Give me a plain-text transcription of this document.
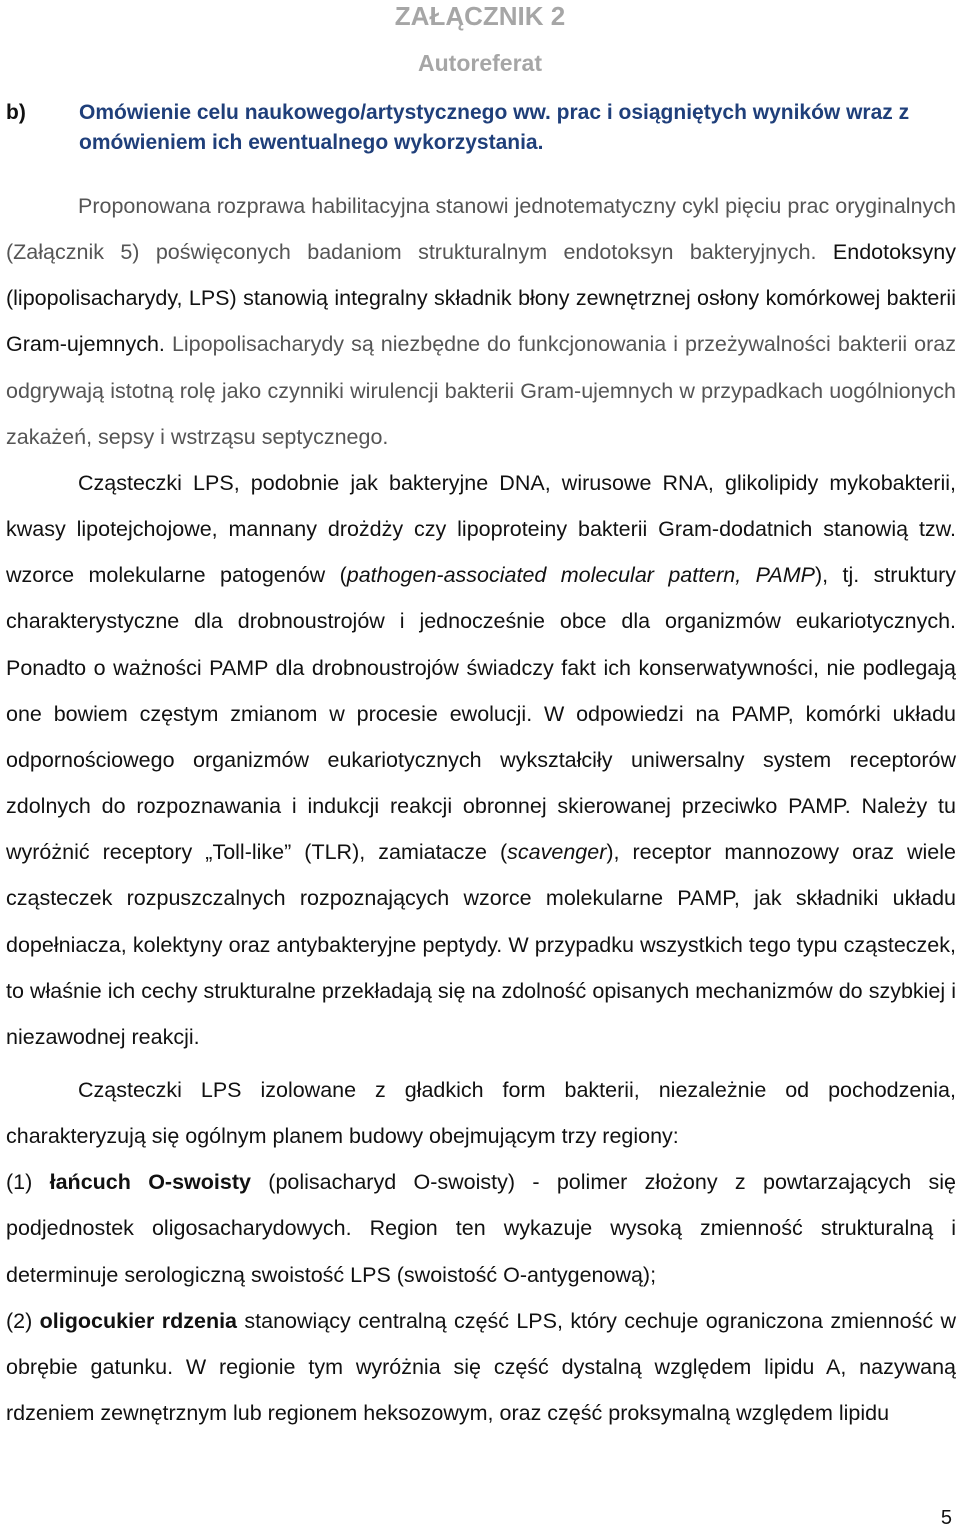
ZAŁĄCZNIK 2
Autoreferat
b)	Omówienie celu naukowego/artystycznego ww. prac i osiągniętych wyników wraz z omówieniem ich ewentualnego wykorzystania.

Proponowana rozprawa habilitacyjna stanowi jednotematyczny cykl pięciu prac oryginalnych (Załącznik 5) poświęconych badaniom strukturalnym endotoksyn bakteryjnych. Endotoksyny (lipopolisacharydy, LPS) stanowią integralny składnik błony zewnętrznej osłony komórkowej bakterii Gram-ujemnych. Lipopolisacharydy są niezbędne do funkcjonowania i przeżywalności bakterii oraz odgrywają istotną rolę jako czynniki wirulencji bakterii Gram-ujemnych w przypadkach uogólnionych zakażeń, sepsy i wstrząsu septycznego.

Cząsteczki LPS, podobnie jak bakteryjne DNA, wirusowe RNA, glikolipidy mykobakterii, kwasy lipotejchojowe, mannany drożdży czy lipoproteiny bakterii Gram-dodatnich stanowią tzw. wzorce molekularne patogenów (pathogen-associated molecular pattern, PAMP), tj. struktury charakterystyczne dla drobnoustrojów i jednocześnie obce dla organizmów eukariotycznych. Ponadto o ważności PAMP dla drobnoustrojów świadczy fakt ich konserwatywności, nie podlegają one bowiem częstym zmianom w procesie ewolucji. W odpowiedzi na PAMP, komórki układu odpornościowego organizmów eukariotycznych wykształciły uniwersalny system receptorów zdolnych do rozpoznawania i indukcji reakcji obronnej skierowanej przeciwko PAMP. Należy tu wyróżnić receptory „Toll-like” (TLR), zamiatacze (scavenger), receptor mannozowy oraz wiele cząsteczek rozpuszczalnych rozpoznających wzorce molekularne PAMP, jak składniki układu dopełniacza, kolektyny oraz antybakteryjne peptydy. W przypadku wszystkich tego typu cząsteczek, to właśnie ich cechy strukturalne przekładają się na zdolność opisanych mechanizmów do szybkiej i niezawodnej reakcji.

Cząsteczki LPS izolowane z gładkich form bakterii, niezależnie od pochodzenia, charakteryzują się ogólnym planem budowy obejmującym trzy regiony:

(1) łańcuch O-swoisty (polisacharyd O-swoisty) - polimer złożony z powtarzających się podjednostek oligosacharydowych. Region ten wykazuje wysoką zmienność strukturalną i determinuje serologiczną swoistość LPS (swoistość O-antygenową);

(2) oligocukier rdzenia stanowiący centralną część LPS, który cechuje ograniczona zmienność w obrębie gatunku. W regionie tym wyróżnia się część dystalną względem lipidu A, nazywaną rdzeniem zewnętrznym lub regionem heksozowym, oraz część proksymalną względem lipidu

5
